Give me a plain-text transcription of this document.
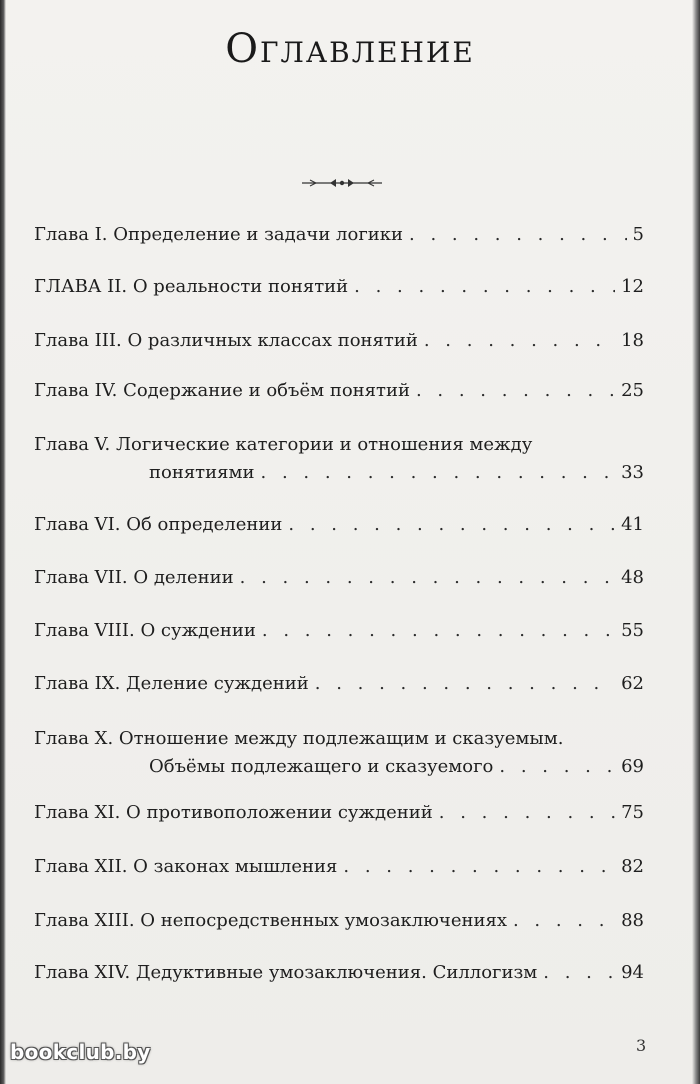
Оглавление
Глава I. Определение и задачи логики . . .	5
ГЛАВА II. О реальности понятий . . .	12
Глава III. О различных классах понятий . . .	18
Глава IV. Содержание и объём понятий . . .	25
Глава V. Логические категории и отношения между
понятиями . . .	33
Глава VI. Об определении . . .	41
Глава VII. О делении . . .	48
Глава VIII. О суждении . . .	55
Глава IX. Деление суждений . . .	62
Глава X. Отношение между подлежащим и сказуемым.
Объёмы подлежащего и сказуемого . . .	69
Глава XI. О противоположении суждений . . .	75
Глава XII. О законах мышления . . .	82
Глава XIII. О непосредственных умозаключениях . . .	88
Глава XIV. Дедуктивные умозаключения. Силлогизм . . .	94
3
bookclub.by
